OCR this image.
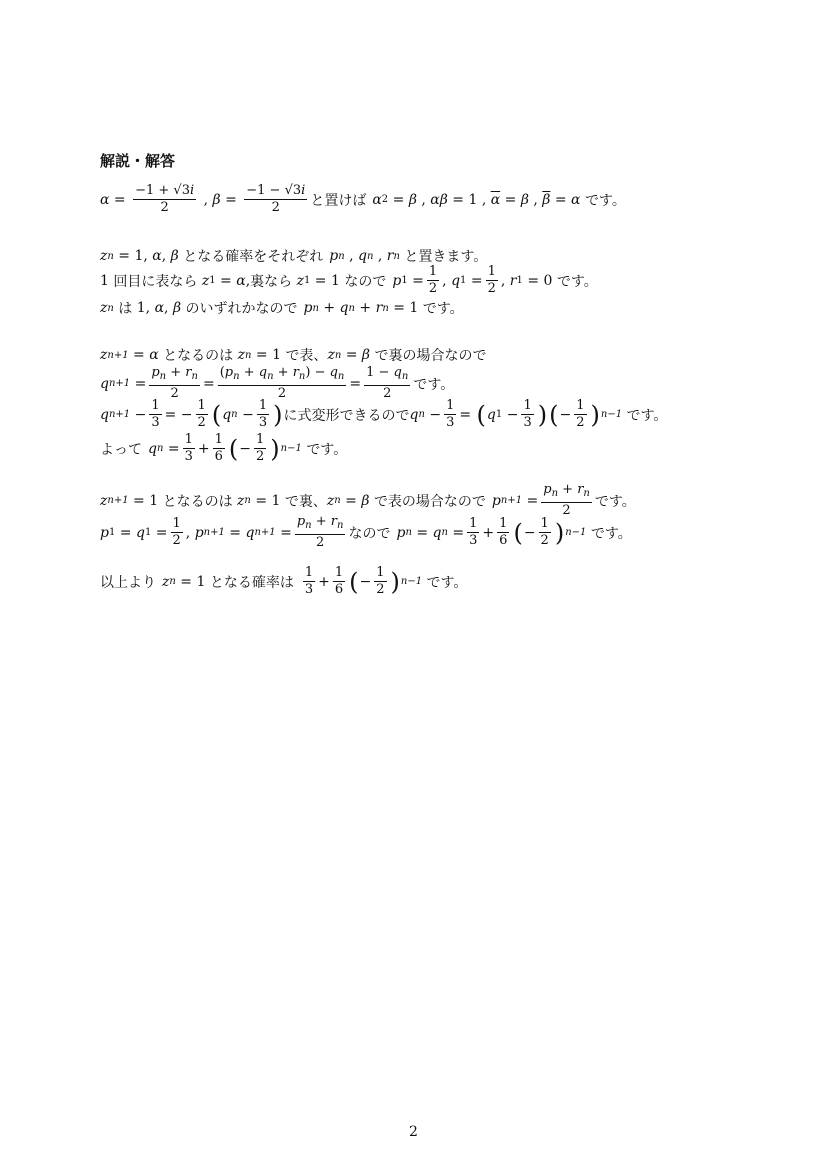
解説・解答
$\alpha = \frac{-1 + √3i}{2}$ , $\beta = \frac{-1 - √3i}{2}$ と置けば α 2 = β , αβ = 1 , $\overline{\alpha} = \beta$ , $\overline{\beta} = \alpha$
です。
z n = 1, α , β
となる確率をそれぞれ p n , q n , r n
と置きます。
1 回目に表なら
z 1 = α , 裏なら
z 1 = 1 なので p $1 = \frac{1}{2}$ , q $1 = \frac{1}{2}$ , r 1 = 0 です。
z n
は 1, α , β
のいずれかなので p n + q n + r n = 1 です。
z n+1 = α
となるのは
z n = 1 で表、 z n = β
で裏の場合なので
q $n+1 = \frac{p_n + r_n}{2} = \frac{(p_n + q_n + r_n) - q_n}{2} = \frac{1 - q_n}{2}$ です。
q $n+1 - \frac{1}{3}$ = − $\frac{1}{2}$ ( q $n - \frac{1}{3}$ ) に式変形できるので q $n - \frac{1}{3}$ = ( q $1 - \frac{1}{3}$ ) ( − $\frac{1}{2}$ ) n−1
です。
よって q $n = \frac{1}{3} + \frac{1}{6}$ ( − $\frac{1}{2}$ ) n−1
です。
z n+1 = 1 となるのは
z n = 1 で裏、 z n = β
で表の場合なので p $n+1 = \frac{p_n + r_n}{2}$ です。
p 1 = q $1 = \frac{1}{2}$ , p n+1 = q $n+1 = \frac{p_n + r_n}{2}$ なので p n = q $n = \frac{1}{3} + \frac{1}{6}$ ( − $\frac{1}{2}$ ) n−1
です。
以上より z n = 1 となる確率は $\frac{1}{3} + \frac{1}{6}$ ( − $\frac{1}{2}$ ) n−1
です。
2
